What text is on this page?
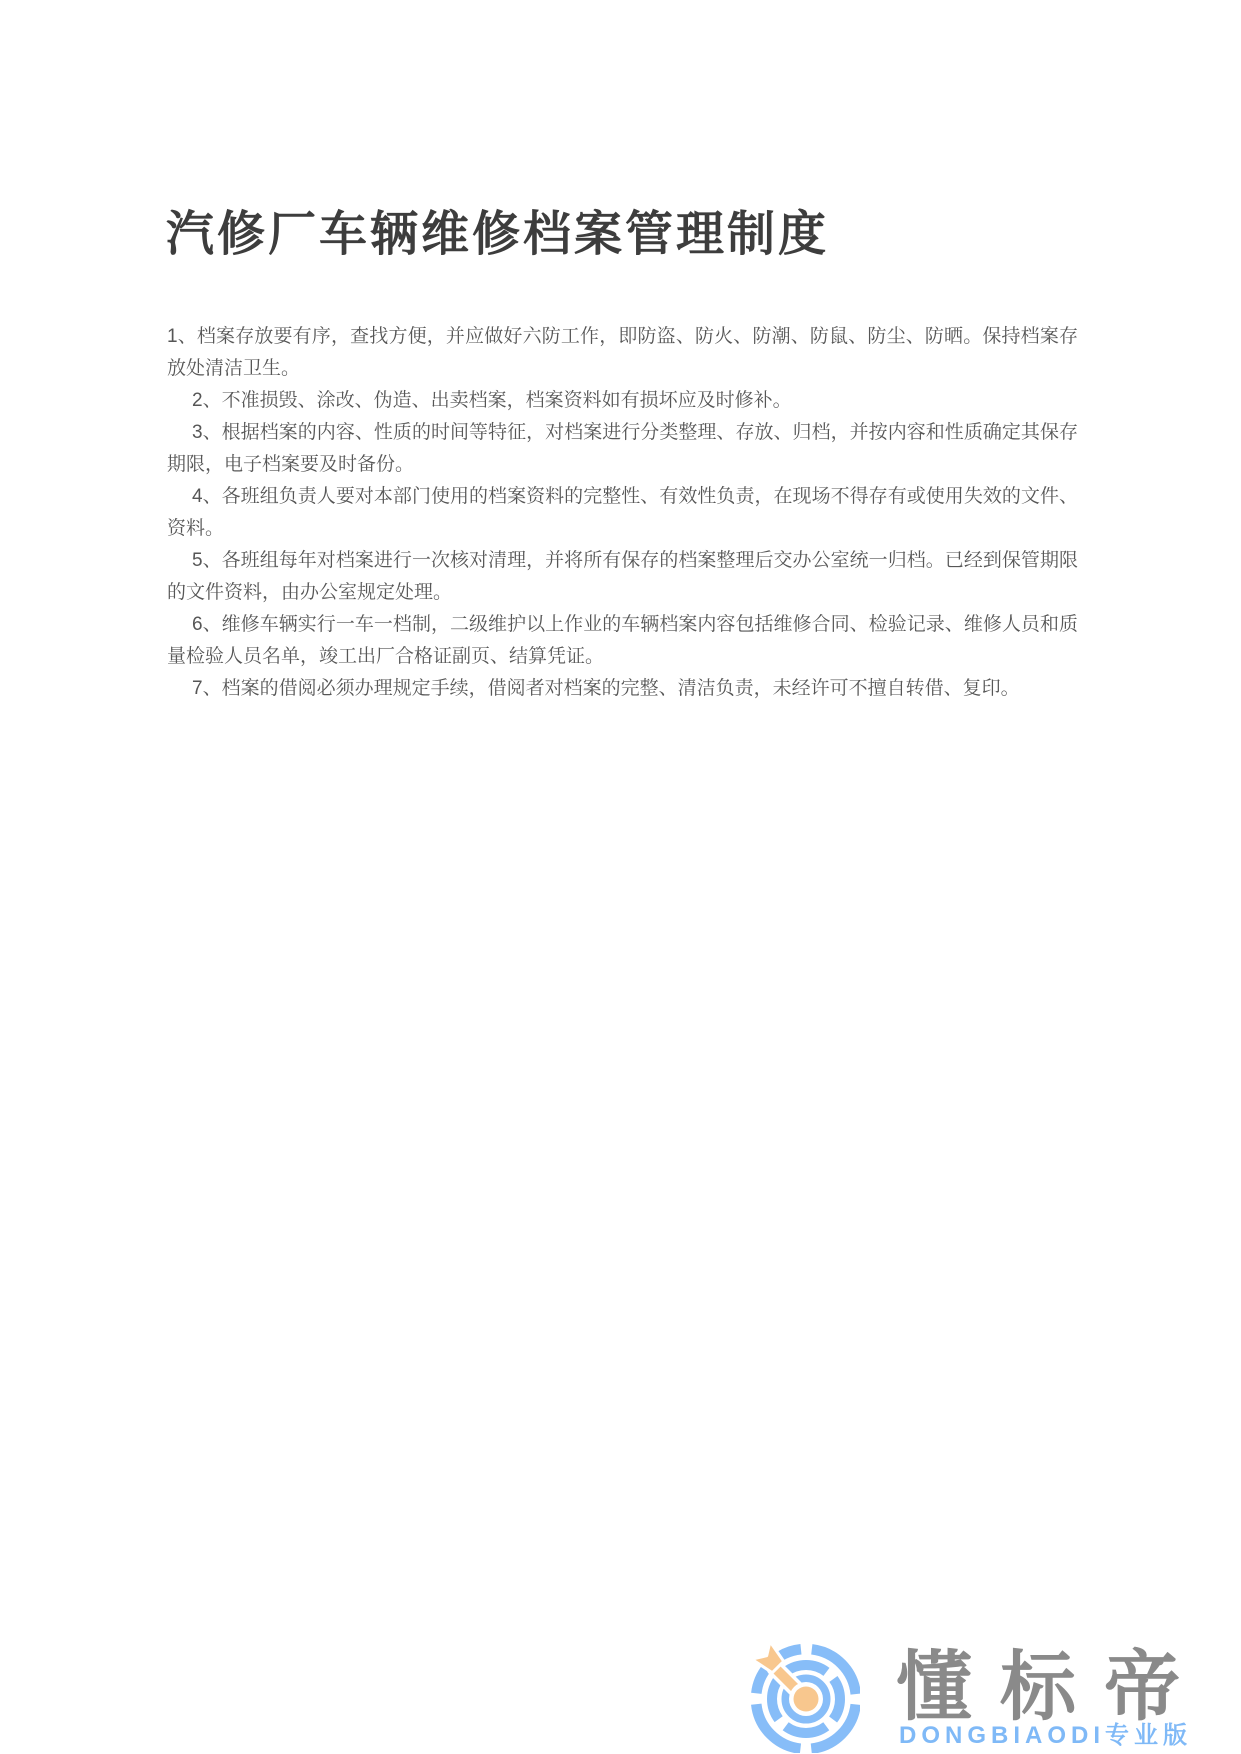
汽修厂车辆维修档案管理制度

1、档案存放要有序，查找方便，并应做好六防工作，即防盗、防火、防潮、防鼠、防尘、防晒。保持档案存放处清洁卫生。

2、不准损毁、涂改、伪造、出卖档案，档案资料如有损坏应及时修补。

3、根据档案的内容、性质的时间等特征，对档案进行分类整理、存放、归档，并按内容和性质确定其保存期限，电子档案要及时备份。

4、各班组负责人要对本部门使用的档案资料的完整性、有效性负责，在现场不得存有或使用失效的文件、资料。

5、各班组每年对档案进行一次核对清理，并将所有保存的档案整理后交办公室统一归档。已经到保管期限的文件资料，由办公室规定处理。

6、维修车辆实行一车一档制，二级维护以上作业的车辆档案内容包括维修合同、检验记录、维修人员和质量检验人员名单，竣工出厂合格证副页、结算凭证。

7、档案的借阅必须办理规定手续，借阅者对档案的完整、清洁负责，未经许可不擅自转借、复印。

懂标帝
DONGBIAODI专业版
